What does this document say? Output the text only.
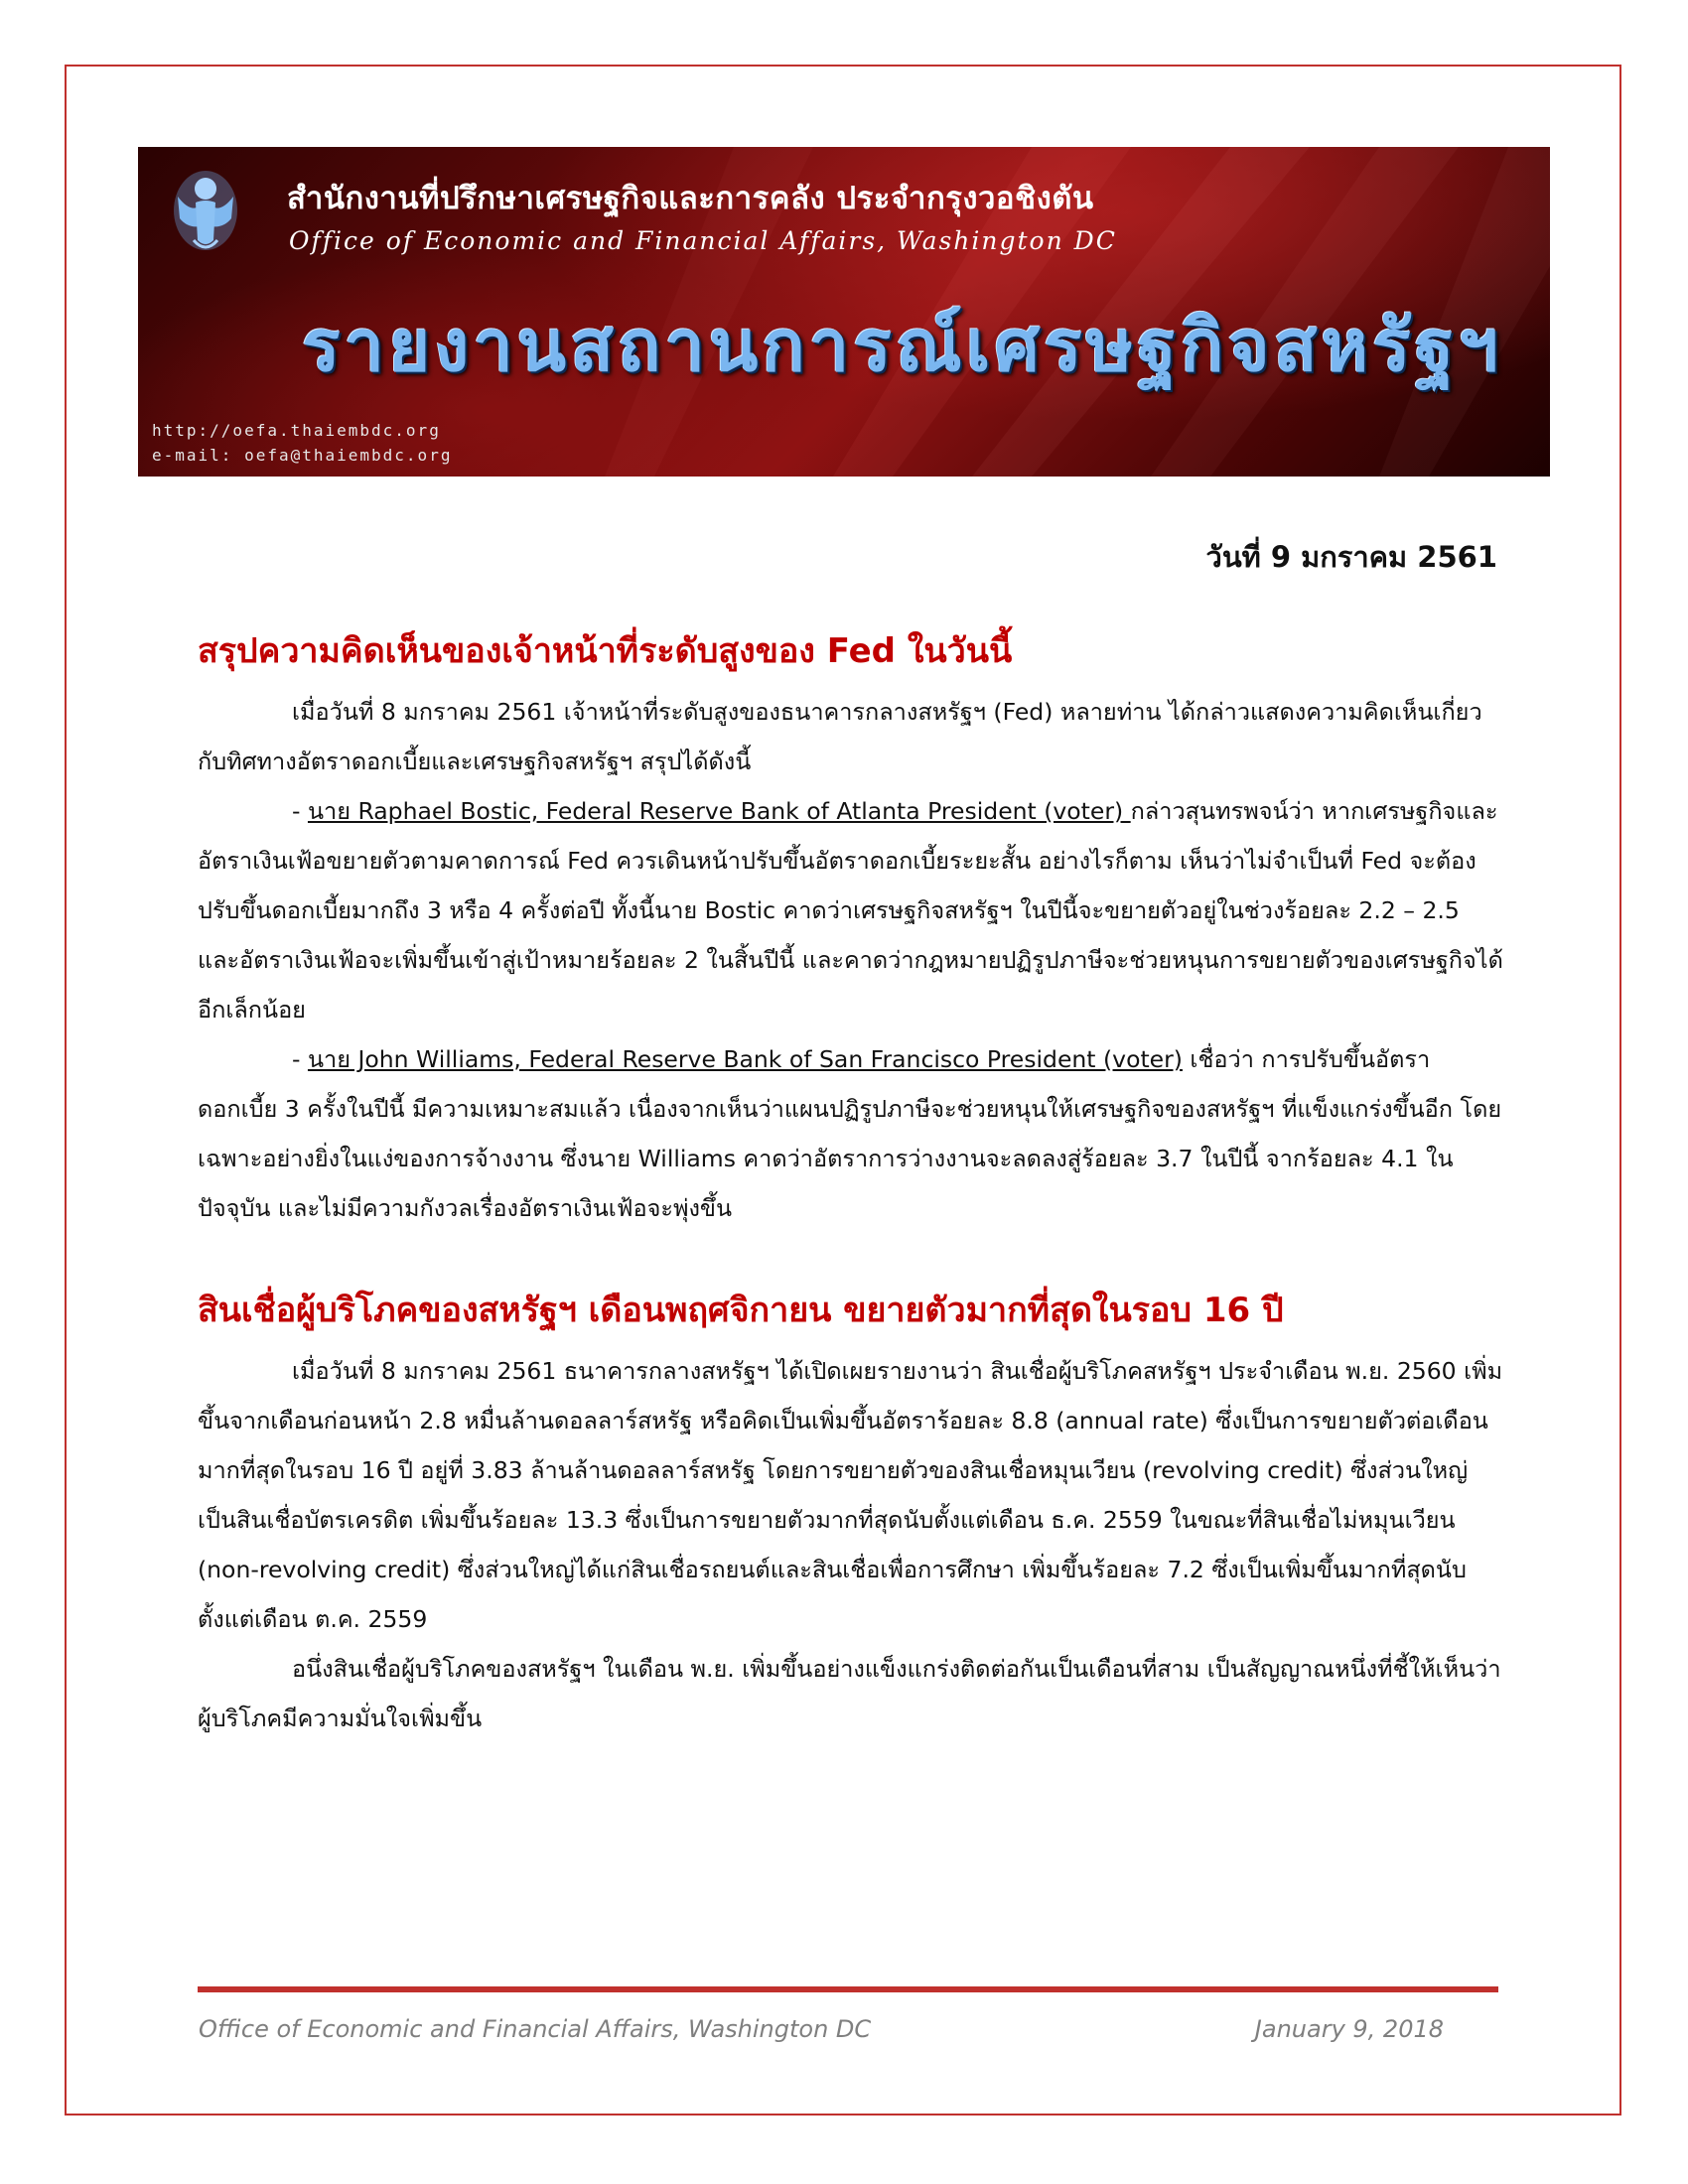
สำนักงานที่ปรึกษาเศรษฐกิจและการคลัง ประจำกรุงวอชิงตัน
Office of Economic and Financial Affairs, Washington DC
รายงานสถานการณ์เศรษฐกิจสหรัฐฯ
http://oefa.thaiembdc.org
e-mail: oefa@thaiembdc.org
วันที่ 9 มกราคม 2561
สรุปความคิดเห็นของเจ้าหน้าที่ระดับสูงของ Fed ในวันนี้

เมื่อวันที่ 8 มกราคม 2561 เจ้าหน้าที่ระดับสูงของธนาคารกลางสหรัฐฯ (Fed) หลายท่าน ได้กล่าวแสดงความคิดเห็นเกี่ยวกับทิศทางอัตราดอกเบี้ยและเศรษฐกิจสหรัฐฯ สรุปได้ดังนี้

- นาย Raphael Bostic, Federal Reserve Bank of Atlanta President (voter) กล่าวสุนทรพจน์ว่า หากเศรษฐกิจและอัตราเงินเฟ้อขยายตัวตามคาดการณ์ Fed ควรเดินหน้าปรับขึ้นอัตราดอกเบี้ยระยะสั้น อย่างไรก็ตาม เห็นว่าไม่จำเป็นที่ Fed จะต้องปรับขึ้นดอกเบี้ยมากถึง 3 หรือ 4 ครั้งต่อปี ทั้งนี้นาย Bostic คาดว่าเศรษฐกิจสหรัฐฯ ในปีนี้จะขยายตัวอยู่ในช่วงร้อยละ 2.2 – 2.5 และอัตราเงินเฟ้อจะเพิ่มขึ้นเข้าสู่เป้าหมายร้อยละ 2 ในสิ้นปีนี้ และคาดว่ากฎหมายปฏิรูปภาษีจะช่วยหนุนการขยายตัวของเศรษฐกิจได้อีกเล็กน้อย

- นาย John Williams, Federal Reserve Bank of San Francisco President (voter) เชื่อว่า การปรับขึ้นอัตราดอกเบี้ย 3 ครั้งในปีนี้ มีความเหมาะสมแล้ว เนื่องจากเห็นว่าแผนปฏิรูปภาษีจะช่วยหนุนให้เศรษฐกิจของสหรัฐฯ ที่แข็งแกร่งขึ้นอีก โดยเฉพาะอย่างยิ่งในแง่ของการจ้างงาน ซึ่งนาย Williams คาดว่าอัตราการว่างงานจะลดลงสู่ร้อยละ 3.7 ในปีนี้ จากร้อยละ 4.1 ในปัจจุบัน และไม่มีความกังวลเรื่องอัตราเงินเฟ้อจะพุ่งขึ้น

สินเชื่อผู้บริโภคของสหรัฐฯ เดือนพฤศจิกายน ขยายตัวมากที่สุดในรอบ 16 ปี

เมื่อวันที่ 8 มกราคม 2561 ธนาคารกลางสหรัฐฯ ได้เปิดเผยรายงานว่า สินเชื่อผู้บริโภคสหรัฐฯ ประจำเดือน พ.ย. 2560 เพิ่มขึ้นจากเดือนก่อนหน้า 2.8 หมื่นล้านดอลลาร์สหรัฐ หรือคิดเป็นเพิ่มขึ้นอัตราร้อยละ 8.8 (annual rate) ซึ่งเป็นการขยายตัวต่อเดือนมากที่สุดในรอบ 16 ปี อยู่ที่ 3.83 ล้านล้านดอลลาร์สหรัฐ โดยการขยายตัวของสินเชื่อหมุนเวียน (revolving credit) ซึ่งส่วนใหญ่เป็นสินเชื่อบัตรเครดิต เพิ่มขึ้นร้อยละ 13.3 ซึ่งเป็นการขยายตัวมากที่สุดนับตั้งแต่เดือน ธ.ค. 2559 ในขณะที่สินเชื่อไม่หมุนเวียน (non-revolving credit) ซึ่งส่วนใหญ่ได้แก่สินเชื่อรถยนต์และสินเชื่อเพื่อการศึกษา เพิ่มขึ้นร้อยละ 7.2 ซึ่งเป็นเพิ่มขึ้นมากที่สุดนับตั้งแต่เดือน ต.ค. 2559

อนึ่งสินเชื่อผู้บริโภคของสหรัฐฯ ในเดือน พ.ย. เพิ่มขึ้นอย่างแข็งแกร่งติดต่อกันเป็นเดือนที่สาม เป็นสัญญาณหนึ่งที่ชี้ให้เห็นว่าผู้บริโภคมีความมั่นใจเพิ่มขึ้น

Office of Economic and Financial Affairs, Washington DC	January 9, 2018
